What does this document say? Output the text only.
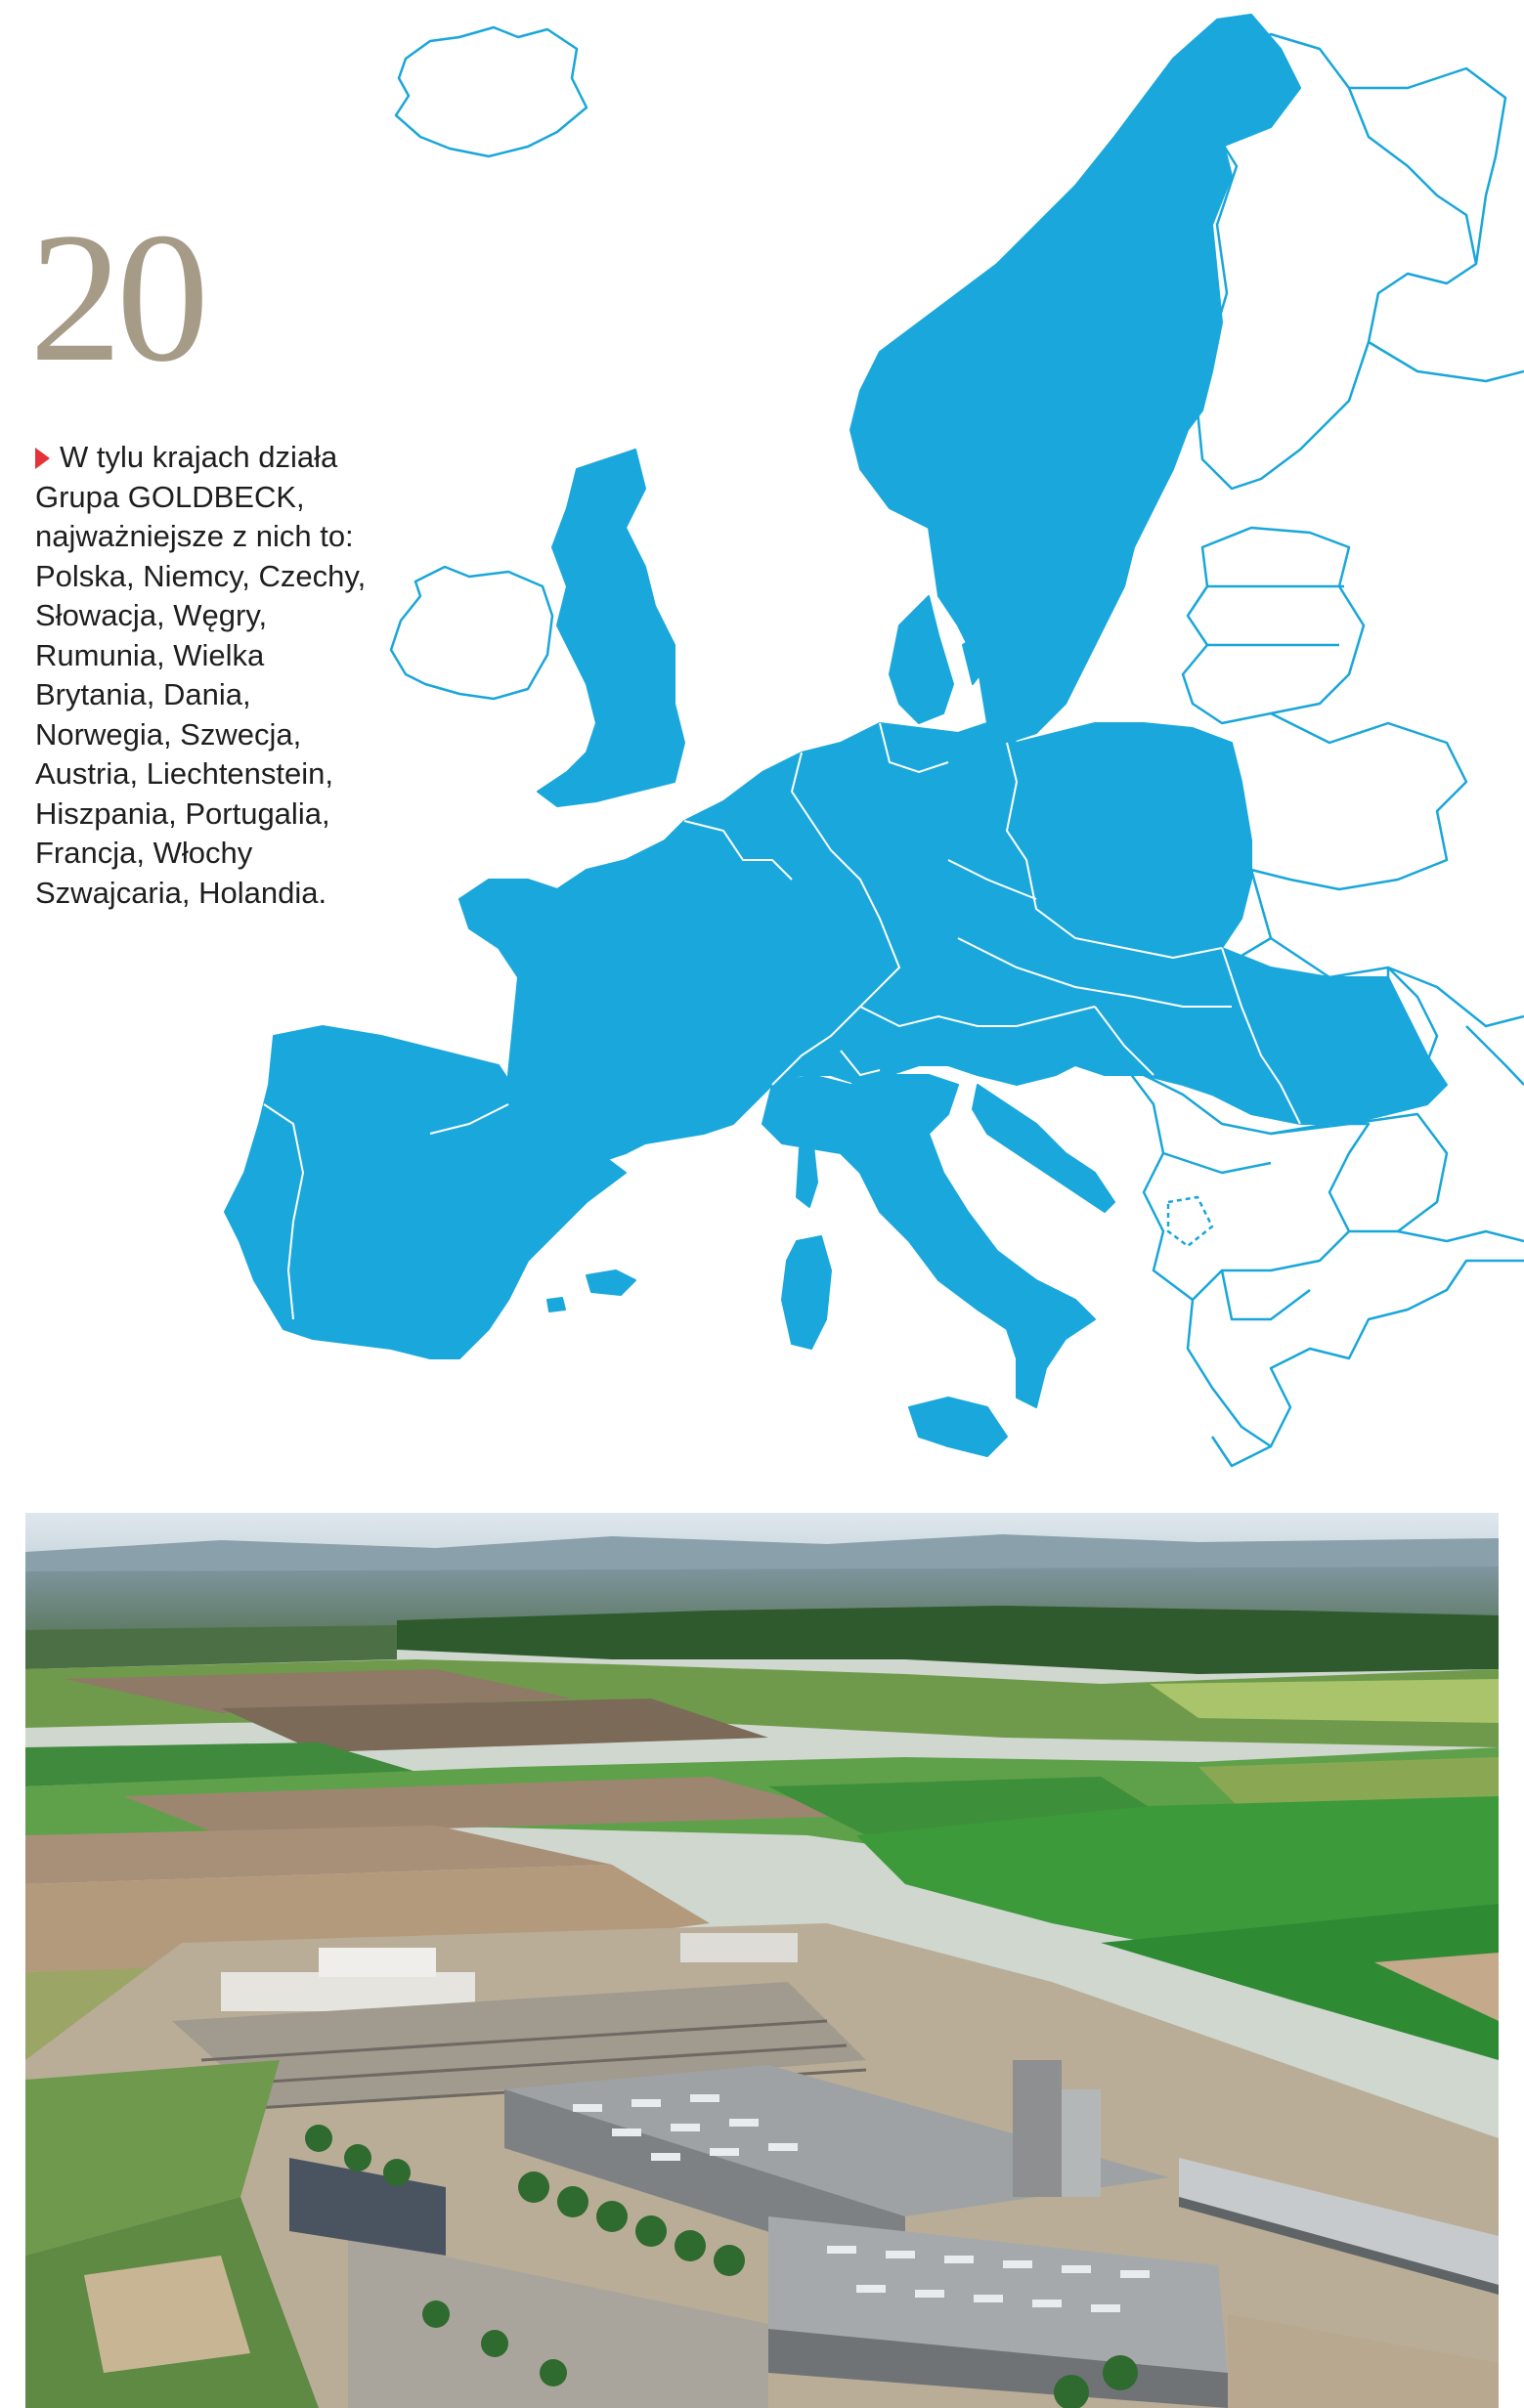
20
W tylu krajach działa
Grupa GOLDBECK,
najważniejsze z nich to:
Polska, Niemcy, Czechy,
Słowacja, Węgry,
Rumunia, Wielka
Brytania, Dania,
Norwegia, Szwecja,
Austria, Liechtenstein,
Hiszpania, Portugalia,
Francja, Włochy
Szwajcaria, Holandia.
